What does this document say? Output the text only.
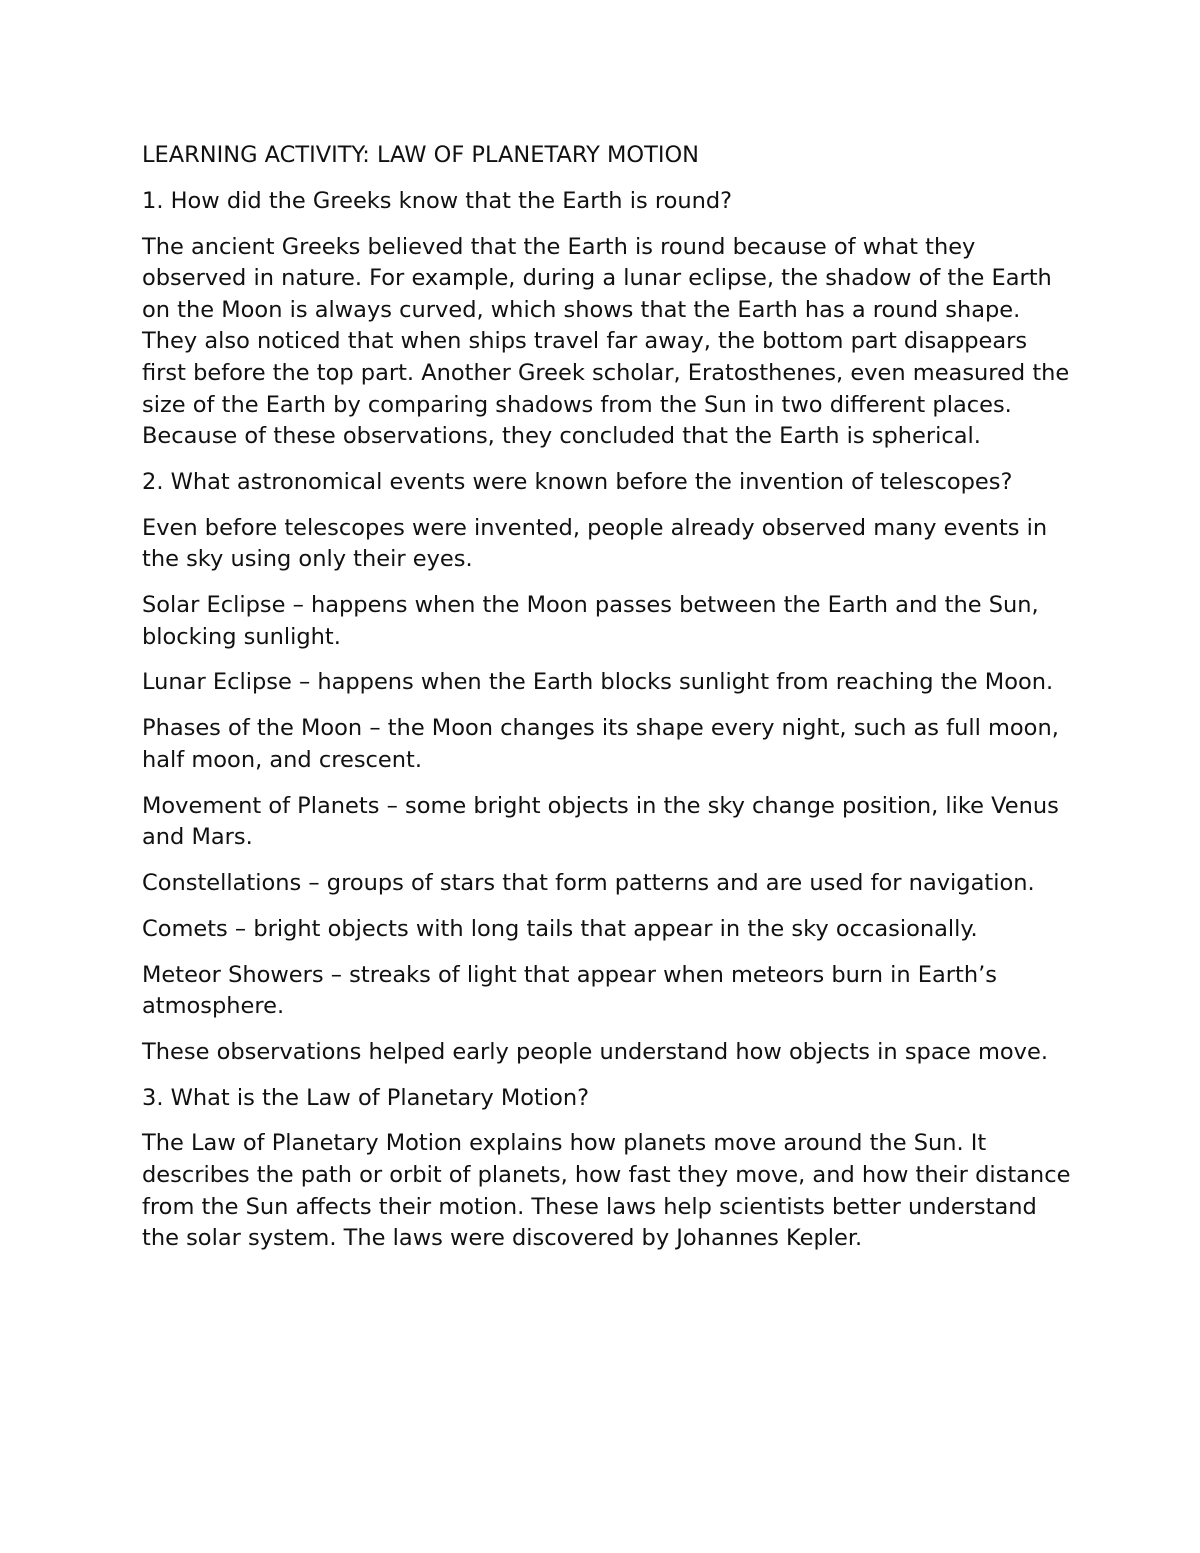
LEARNING ACTIVITY: LAW OF PLANETARY MOTION

1. How did the Greeks know that the Earth is round?

The ancient Greeks believed that the Earth is round because of what they observed in nature. For example, during a lunar eclipse, the shadow of the Earth on the Moon is always curved, which shows that the Earth has a round shape. They also noticed that when ships travel far away, the bottom part disappears first before the top part. Another Greek scholar, Eratosthenes, even measured the size of the Earth by comparing shadows from the Sun in two different places. Because of these observations, they concluded that the Earth is spherical.

2. What astronomical events were known before the invention of telescopes?

Even before telescopes were invented, people already observed many events in the sky using only their eyes.

Solar Eclipse – happens when the Moon passes between the Earth and the Sun, blocking sunlight.

Lunar Eclipse – happens when the Earth blocks sunlight from reaching the Moon.

Phases of the Moon – the Moon changes its shape every night, such as full moon, half moon, and crescent.

Movement of Planets – some bright objects in the sky change position, like Venus and Mars.

Constellations – groups of stars that form patterns and are used for navigation.

Comets – bright objects with long tails that appear in the sky occasionally.

Meteor Showers – streaks of light that appear when meteors burn in Earth’s atmosphere.

These observations helped early people understand how objects in space move.

3. What is the Law of Planetary Motion?

The Law of Planetary Motion explains how planets move around the Sun. It describes the path or orbit of planets, how fast they move, and how their distance from the Sun affects their motion. These laws help scientists better understand the solar system. The laws were discovered by Johannes Kepler.
